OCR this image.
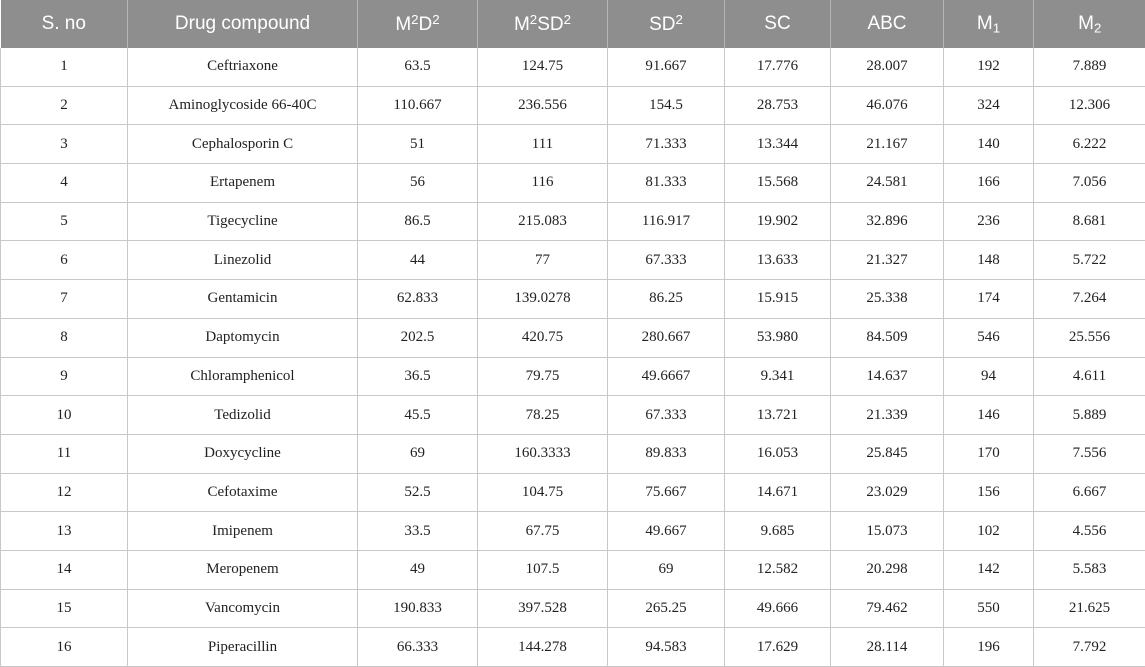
S. no	Drug compound	$M^2D^2$	$M^2SD^2$	$SD^2$	SC	ABC	$M_1$	$M_2$
1	Ceftriaxone	63.5	124.75	91.667	17.776	28.007	192	7.889
2	Aminoglycoside 66-40C	110.667	236.556	154.5	28.753	46.076	324	12.306
3	Cephalosporin C	51	111	71.333	13.344	21.167	140	6.222
4	Ertapenem	56	116	81.333	15.568	24.581	166	7.056
5	Tigecycline	86.5	215.083	116.917	19.902	32.896	236	8.681
6	Linezolid	44	77	67.333	13.633	21.327	148	5.722
7	Gentamicin	62.833	139.0278	86.25	15.915	25.338	174	7.264
8	Daptomycin	202.5	420.75	280.667	53.980	84.509	546	25.556
9	Chloramphenicol	36.5	79.75	49.6667	9.341	14.637	94	4.611
10	Tedizolid	45.5	78.25	67.333	13.721	21.339	146	5.889
11	Doxycycline	69	160.3333	89.833	16.053	25.845	170	7.556
12	Cefotaxime	52.5	104.75	75.667	14.671	23.029	156	6.667
13	Imipenem	33.5	67.75	49.667	9.685	15.073	102	4.556
14	Meropenem	49	107.5	69	12.582	20.298	142	5.583
15	Vancomycin	190.833	397.528	265.25	49.666	79.462	550	21.625
16	Piperacillin	66.333	144.278	94.583	17.629	28.114	196	7.792
